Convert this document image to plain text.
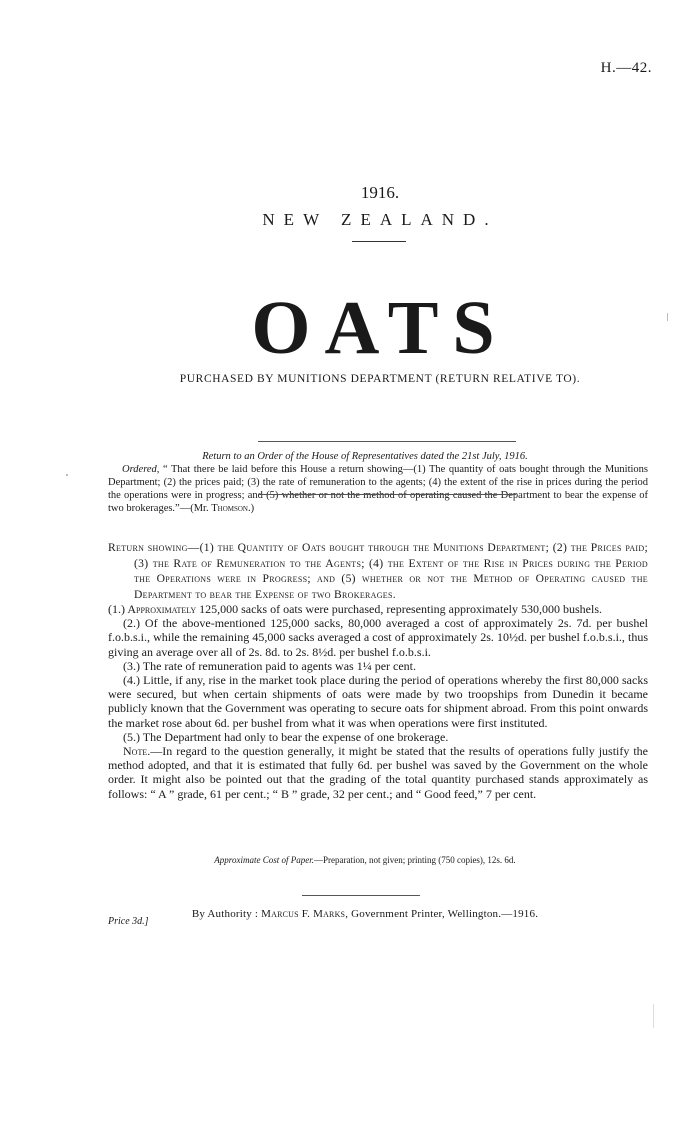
H.—42.
1916.
NEW ZEALAND.
OATS
PURCHASED BY MUNITIONS DEPARTMENT (RETURN RELATIVE TO).
Return to an Order of the House of Representatives dated the 21st July, 1916.
Ordered, “ That there be laid before this House a return showing—(1) The quantity of oats bought through the Munitions Department; (2) the prices paid; (3) the rate of remuneration to the agents; (4) the extent of the rise in prices during the period the operations were in progress; and (5) whether or not the method of operating caused the Department to bear the expense of two brokerages.”—(Mr. Thomson.)
Return showing—(1) the Quantity of Oats bought through the Munitions Department; (2) the Prices paid; (3) the Rate of Remuneration to the Agents; (4) the Extent of the Rise in Prices during the Period the Operations were in Progress; and (5) whether or not the Method of Operating caused the Department to bear the Expense of two Brokerages.

(1.) Approximately 125,000 sacks of oats were purchased, representing approximately 530,000 bushels.

(2.) Of the above-mentioned 125,000 sacks, 80,000 averaged a cost of approximately 2s. 7d. per bushel f.o.b.s.i., while the remaining 45,000 sacks averaged a cost of approximately 2s. 10½d. per bushel f.o.b.s.i., thus giving an average over all of 2s. 8d. to 2s. 8½d. per bushel f.o.b.s.i.

(3.) The rate of remuneration paid to agents was 1¼ per cent.

(4.) Little, if any, rise in the market took place during the period of operations whereby the first 80,000 sacks were secured, but when certain shipments of oats were made by two troopships from Dunedin it became publicly known that the Government was operating to secure oats for shipment abroad. From this point onwards the market rose about 6d. per bushel from what it was when operations were first instituted.

(5.) The Department had only to bear the expense of one brokerage.

Note.—In regard to the question generally, it might be stated that the results of operations fully justify the method adopted, and that it is estimated that fully 6d. per bushel was saved by the Government on the whole order. It might also be pointed out that the grading of the total quantity purchased stands approximately as follows: “ A ” grade, 61 per cent.; “ B ” grade, 32 per cent.; and “ Good feed,” 7 per cent.

Approximate Cost of Paper.—Preparation, not given; printing (750 copies), 12s. 6d.
By Authority : Marcus F. Marks, Government Printer, Wellington.—1916.
Price 3d.]
